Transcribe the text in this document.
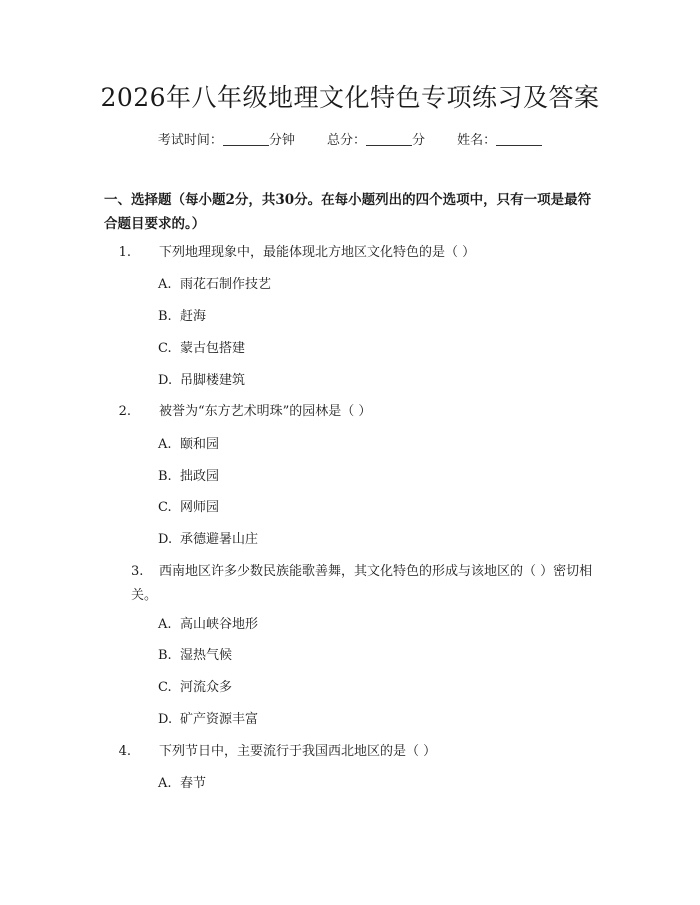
2026年八年级地理文化特色专项练习及答案
考试时间：	分钟 总分：	分 姓名：
一、选择题（每小题2分，共30分。在每小题列出的四个选项中，只有一项是最符合题目要求的。）
1. 下列地理现象中，最能体现北方地区文化特色的是（ ）
A. 雨花石制作技艺
B. 赶海
C. 蒙古包搭建
D. 吊脚楼建筑
2. 被誉为“东方艺术明珠”的园林是（ ）
A. 颐和园
B. 拙政园
C. 网师园
D. 承德避暑山庄
3. 西南地区许多少数民族能歌善舞，其文化特色的形成与该地区的（ ）密切相关。
A. 高山峡谷地形
B. 湿热气候
C. 河流众多
D. 矿产资源丰富
4. 下列节日中，主要流行于我国西北地区的是（ ）
A. 春节
